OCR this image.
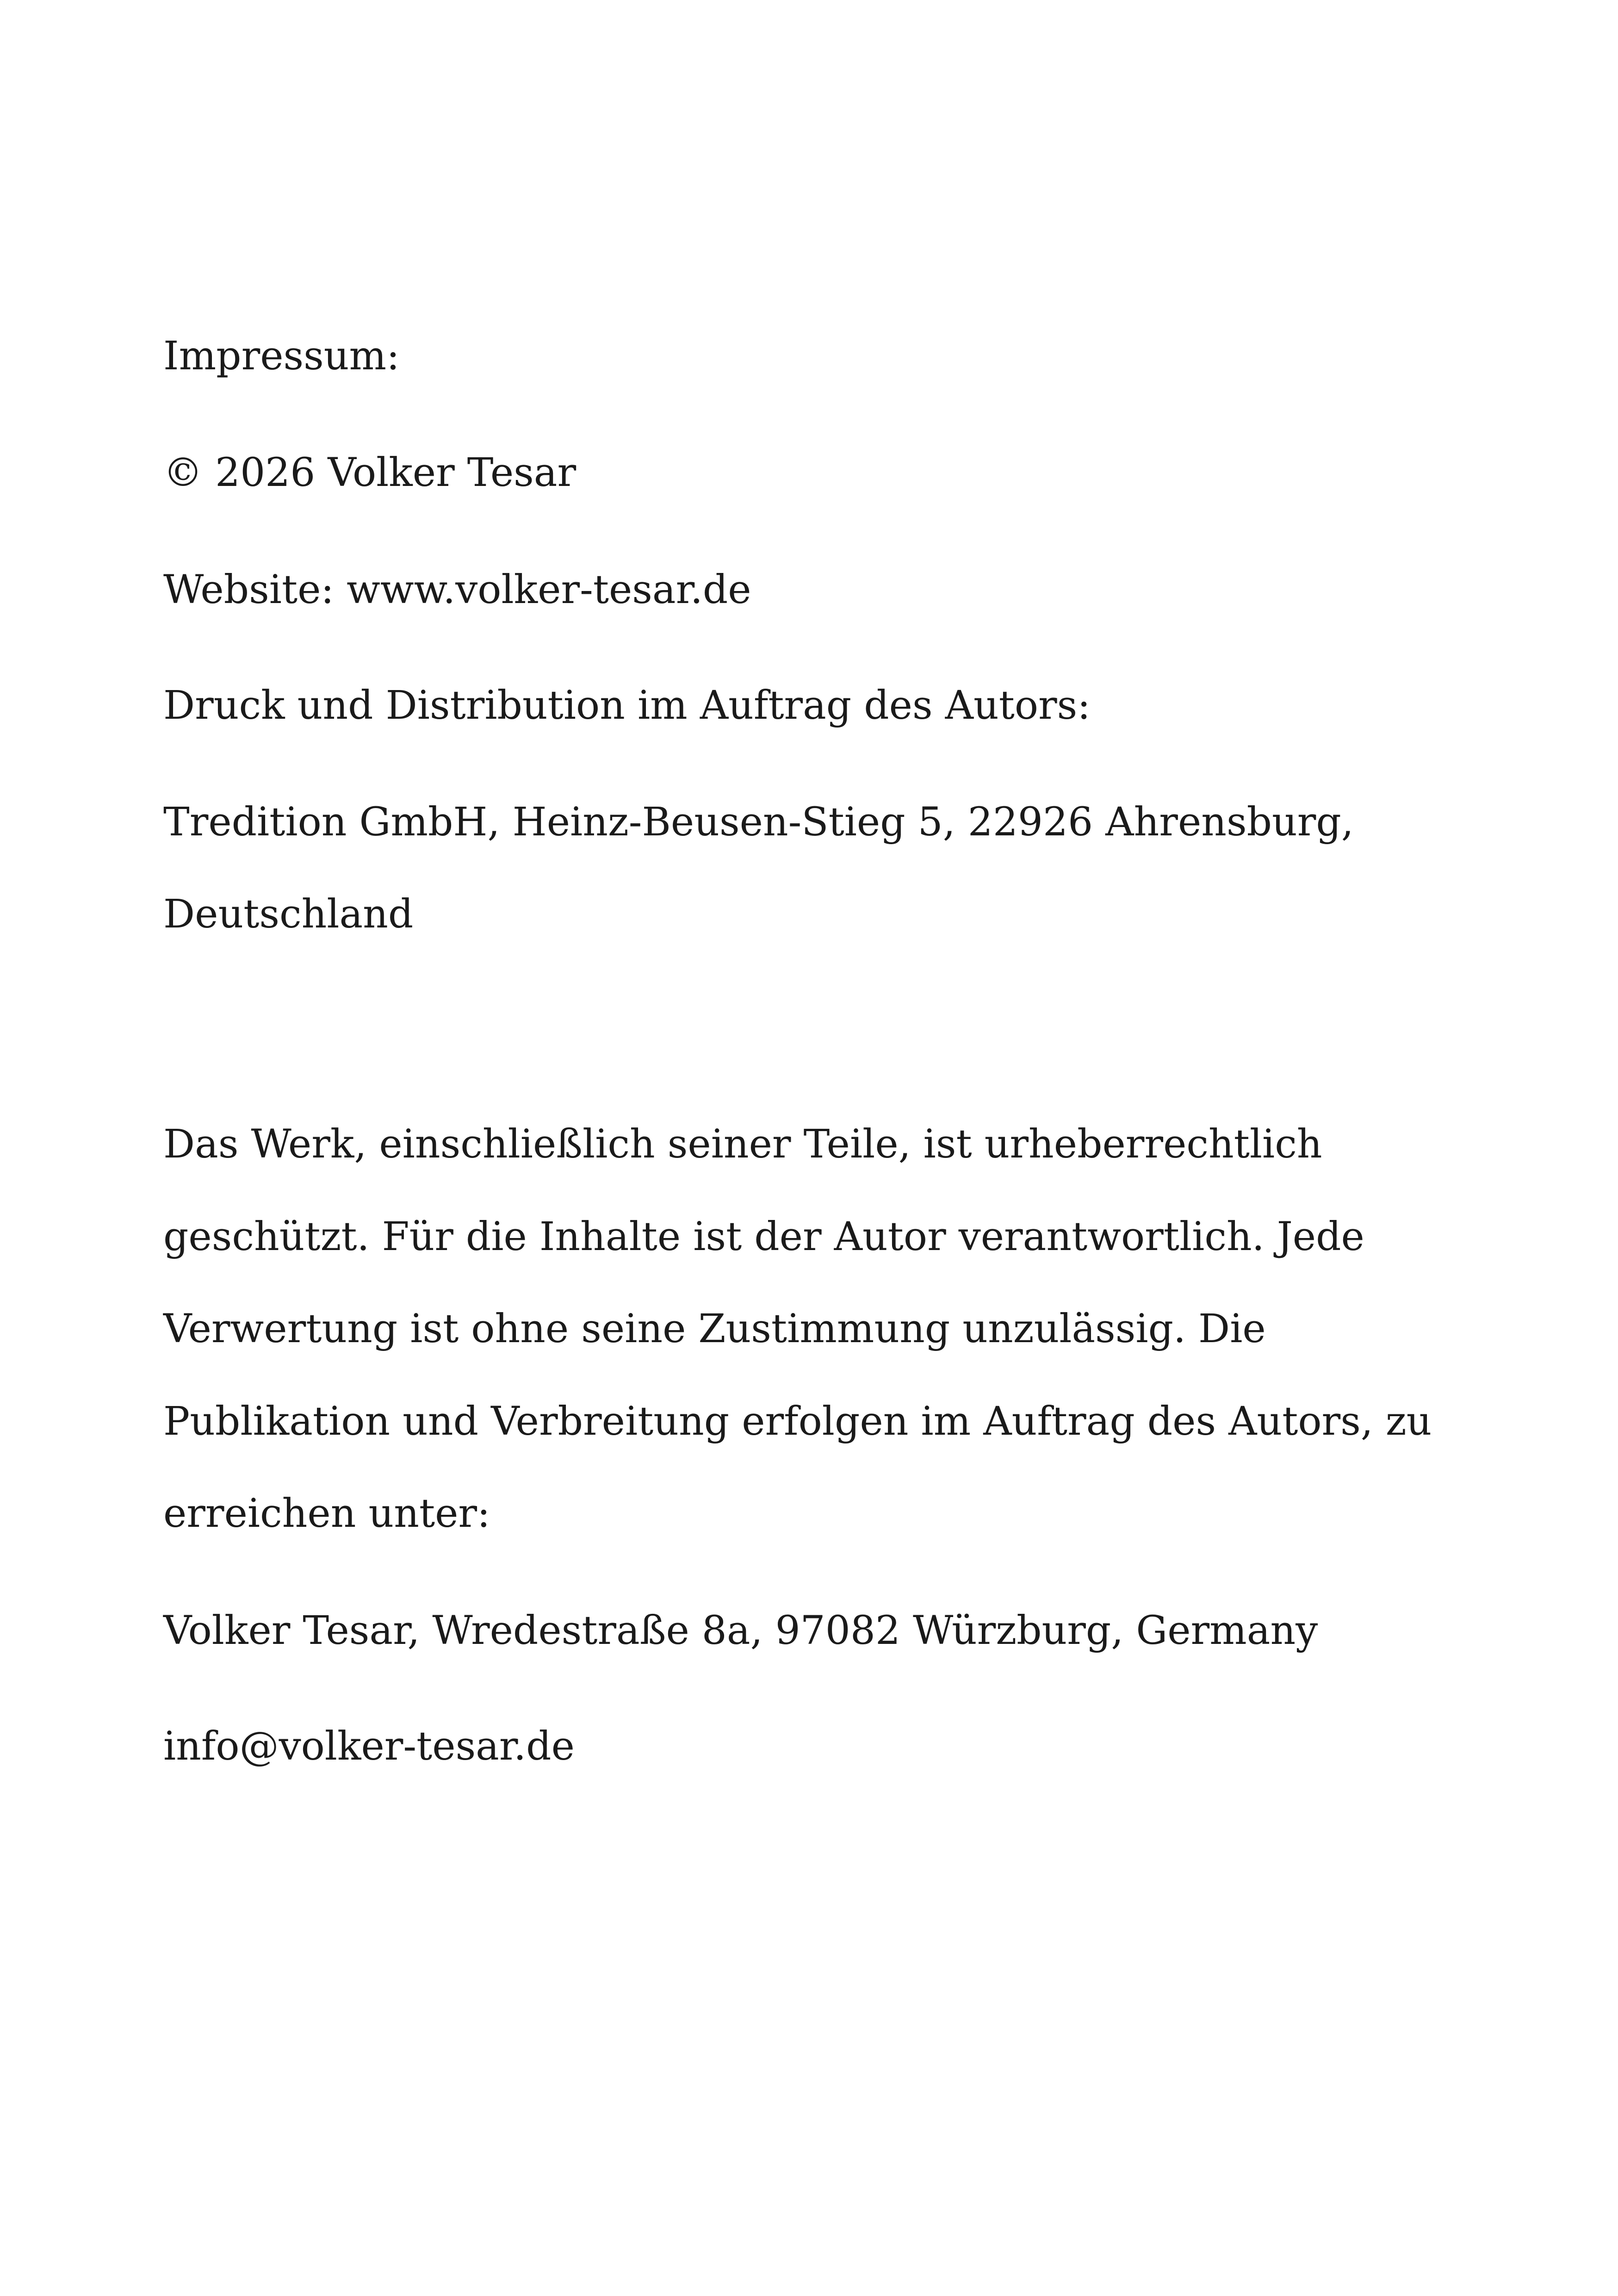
Impressum:

© 2026 Volker Tesar

Website: www.volker-tesar.de

Druck und Distribution im Auftrag des Autors:

Tredition GmbH, Heinz-Beusen-Stieg 5, 22926 Ahrensburg,

Deutschland

Das Werk, einschließlich seiner Teile, ist urheberrechtlich

geschützt. Für die Inhalte ist der Autor verantwortlich. Jede

Verwertung ist ohne seine Zustimmung unzulässig. Die

Publikation und Verbreitung erfolgen im Auftrag des Autors, zu

erreichen unter:

Volker Tesar, Wredestraße 8a, 97082 Würzburg, Germany

info@volker-tesar.de
